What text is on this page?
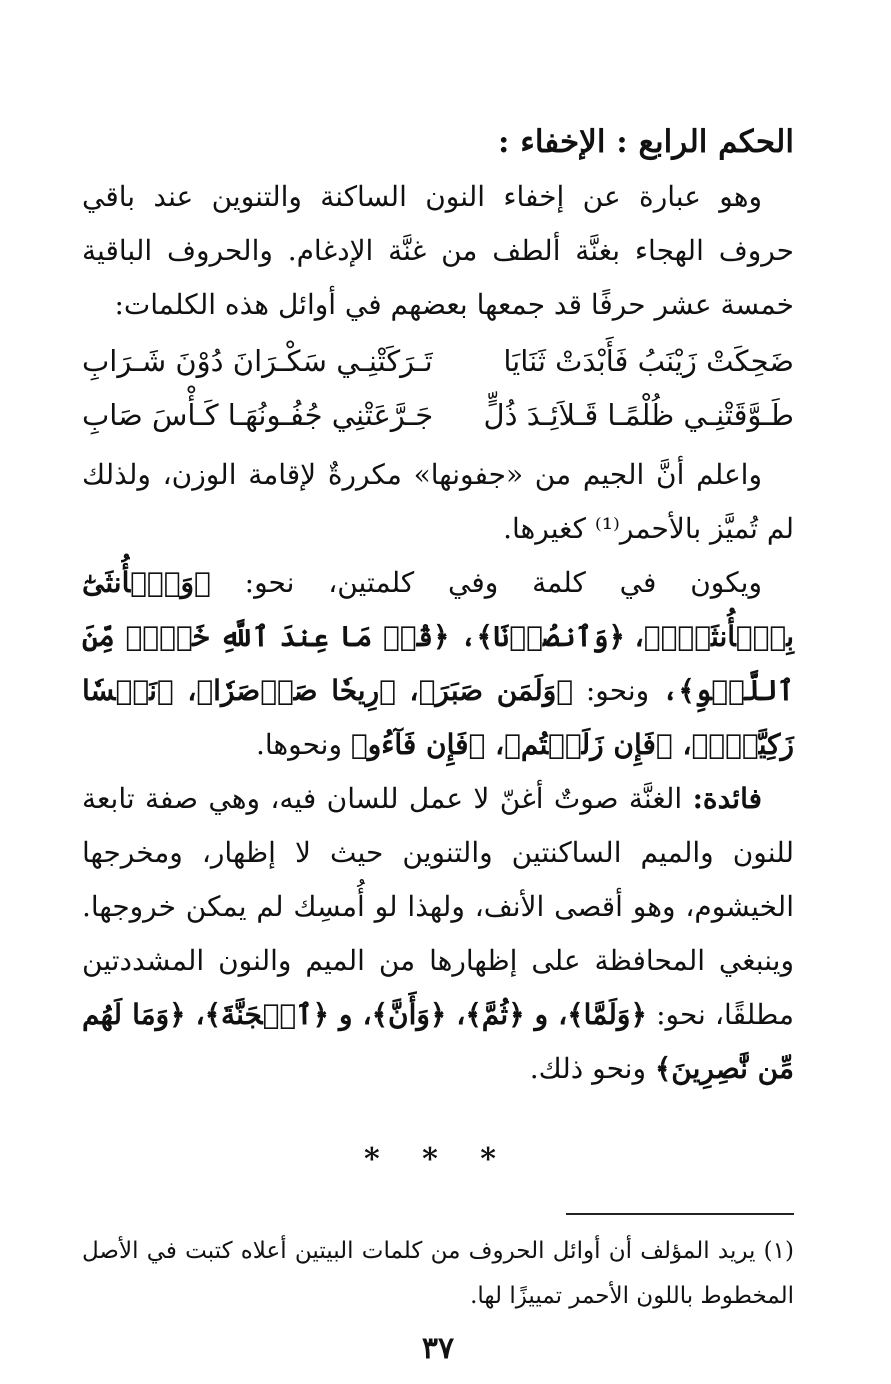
الحكم الرابع : الإخفاء :

وهو عبارة عن إخفاء النون الساكنة والتنوين عند باقي حروف الهجاء بغنَّة ألطف من غنَّة الإدغام. والحروف الباقية خمسة عشر حرفًا قد جمعها بعضهم في أوائل هذه الكلمات:

ضَحِكَتْ زَيْنَبُ فَأَبْدَتْ ثَنَايَا
تَـرَكَتْنِـي سَكْـرَانَ دُوْنَ شَـرَابِ
طَـوَّقَتْنِـي ظُلْمًـا قَـلاَئِـدَ ذُلٍّ
جَـرَّعَتْنِي جُفُـونُهَـا كَـأْسَ صَابِ

واعلم أنَّ الجيم من «جفونها» مكررةٌ لإقامة الوزن، ولذلك لم تُميَّز بالأحمر⁽¹⁾ كغيرها.

ويكون في كلمة وفي كلمتين، نحو: ﴿وَٱلۡأُنثَىٰٓ بِٱلۡأُنثَىٰۚ﴾، ﴿وَٱنصُرۡنَا﴾، ﴿قُلۡ مَا عِندَ ٱللَّهِ خَيۡرٞ مِّنَ ٱللَّهۡوِ﴾، ونحو: ﴿وَلَمَن صَبَرَ﴾، ﴿رِيحٗا صَرۡصَرٗا﴾، ﴿نَفۡسٗا زَكِيَّةَۢ﴾، ﴿فَإِن زَلَلۡتُم﴾، ﴿فَإِن فَآءُو﴾ ونحوها.

فائدة: الغنَّة صوتٌ أغنّ لا عمل للسان فيه، وهي صفة تابعة للنون والميم الساكنتين والتنوين حيث لا إظهار، ومخرجها الخيشوم، وهو أقصى الأنف، ولهذا لو أُمسِك لم يمكن خروجها. وينبغي المحافظة على إظهارها من الميم والنون المشددتين مطلقًا، نحو: ﴿وَلَمَّا﴾، و ﴿ثُمَّ﴾، ﴿وَأَنَّ﴾، و ﴿ٱلۡجَنَّةَ﴾، ﴿وَمَا لَهُم مِّن نَّٰصِرِينَ﴾ ونحو ذلك.

* * *

(١) يريد المؤلف أن أوائل الحروف من كلمات البيتين أعلاه كتبت في الأصل المخطوط باللون الأحمر تمييزًا لها.

٣٧
